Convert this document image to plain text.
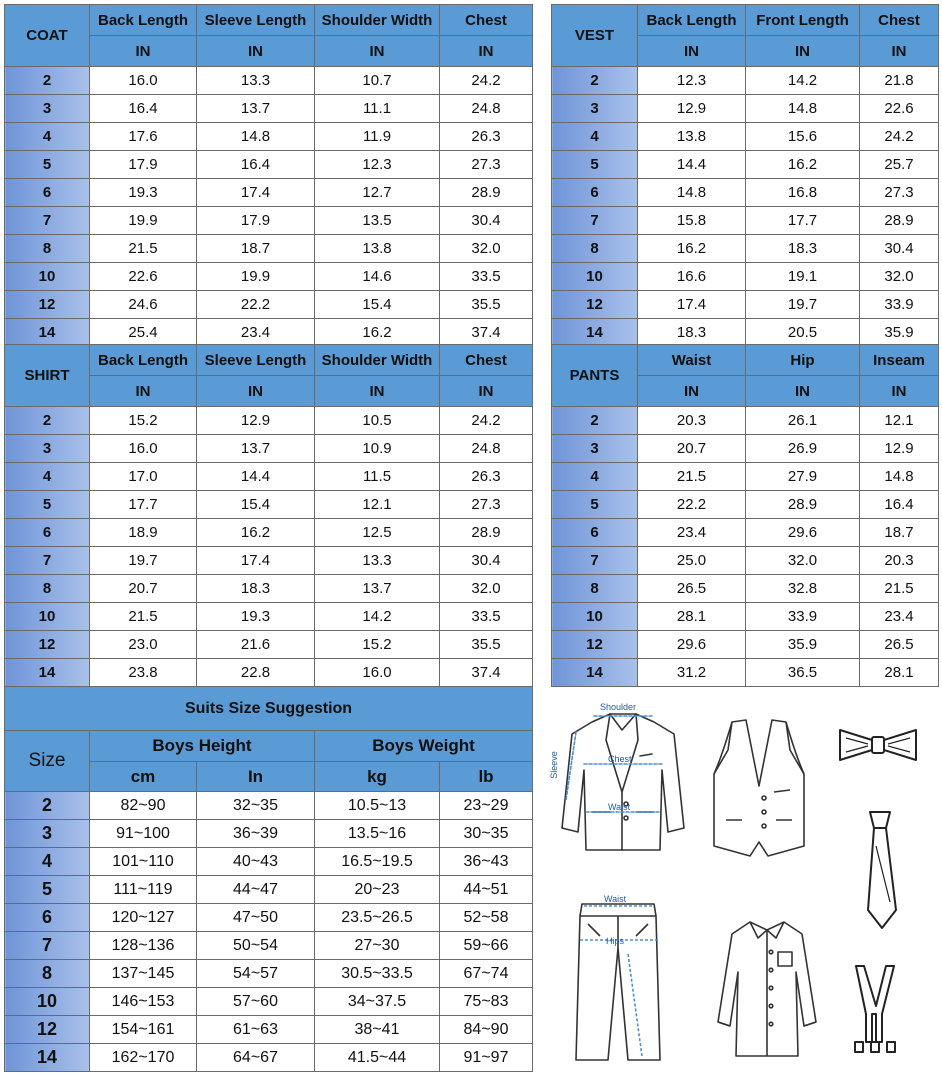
COAT	Back Length	Sleeve Length	Shoulder Width	Chest
	IN	IN	IN	IN
2	16.0	13.3	10.7	24.2
3	16.4	13.7	11.1	24.8
4	17.6	14.8	11.9	26.3
5	17.9	16.4	12.3	27.3
6	19.3	17.4	12.7	28.9
7	19.9	17.9	13.5	30.4
8	21.5	18.7	13.8	32.0
10	22.6	19.9	14.6	33.5
12	24.6	22.2	15.4	35.5
14	25.4	23.4	16.2	37.4
SHIRT	Back Length	Sleeve Length	Shoulder Width	Chest
	IN	IN	IN	IN
2	15.2	12.9	10.5	24.2
3	16.0	13.7	10.9	24.8
4	17.0	14.4	11.5	26.3
5	17.7	15.4	12.1	27.3
6	18.9	16.2	12.5	28.9
7	19.7	17.4	13.3	30.4
8	20.7	18.3	13.7	32.0
10	21.5	19.3	14.2	33.5
12	23.0	21.6	15.2	35.5
14	23.8	22.8	16.0	37.4
VEST	Back Length	Front Length	Chest
	IN	IN	IN
2	12.3	14.2	21.8
3	12.9	14.8	22.6
4	13.8	15.6	24.2
5	14.4	16.2	25.7
6	14.8	16.8	27.3
7	15.8	17.7	28.9
8	16.2	18.3	30.4
10	16.6	19.1	32.0
12	17.4	19.7	33.9
14	18.3	20.5	35.9
PANTS	Waist	Hip	Inseam
	IN	IN	IN
2	20.3	26.1	12.1
3	20.7	26.9	12.9
4	21.5	27.9	14.8
5	22.2	28.9	16.4
6	23.4	29.6	18.7
7	25.0	32.0	20.3
8	26.5	32.8	21.5
10	28.1	33.9	23.4
12	29.6	35.9	26.5
14	31.2	36.5	28.1
Suits Size Suggestion				
Size	Boys Height		Boys Weight	
	cm	In	kg	lb
2	82~90	32~35	10.5~13	23~29
3	91~100	36~39	13.5~16	30~35
4	101~110	40~43	16.5~19.5	36~43
5	111~119	44~47	20~23	44~51
6	120~127	47~50	23.5~26.5	52~58
7	128~136	50~54	27~30	59~66
8	137~145	54~57	30.5~33.5	67~74
10	146~153	57~60	34~37.5	75~83
12	154~161	61~63	38~41	84~90
14	162~170	64~67	41.5~44	91~97
Shoulder
Sleeve	Chest
Waist
Waist
Hips
